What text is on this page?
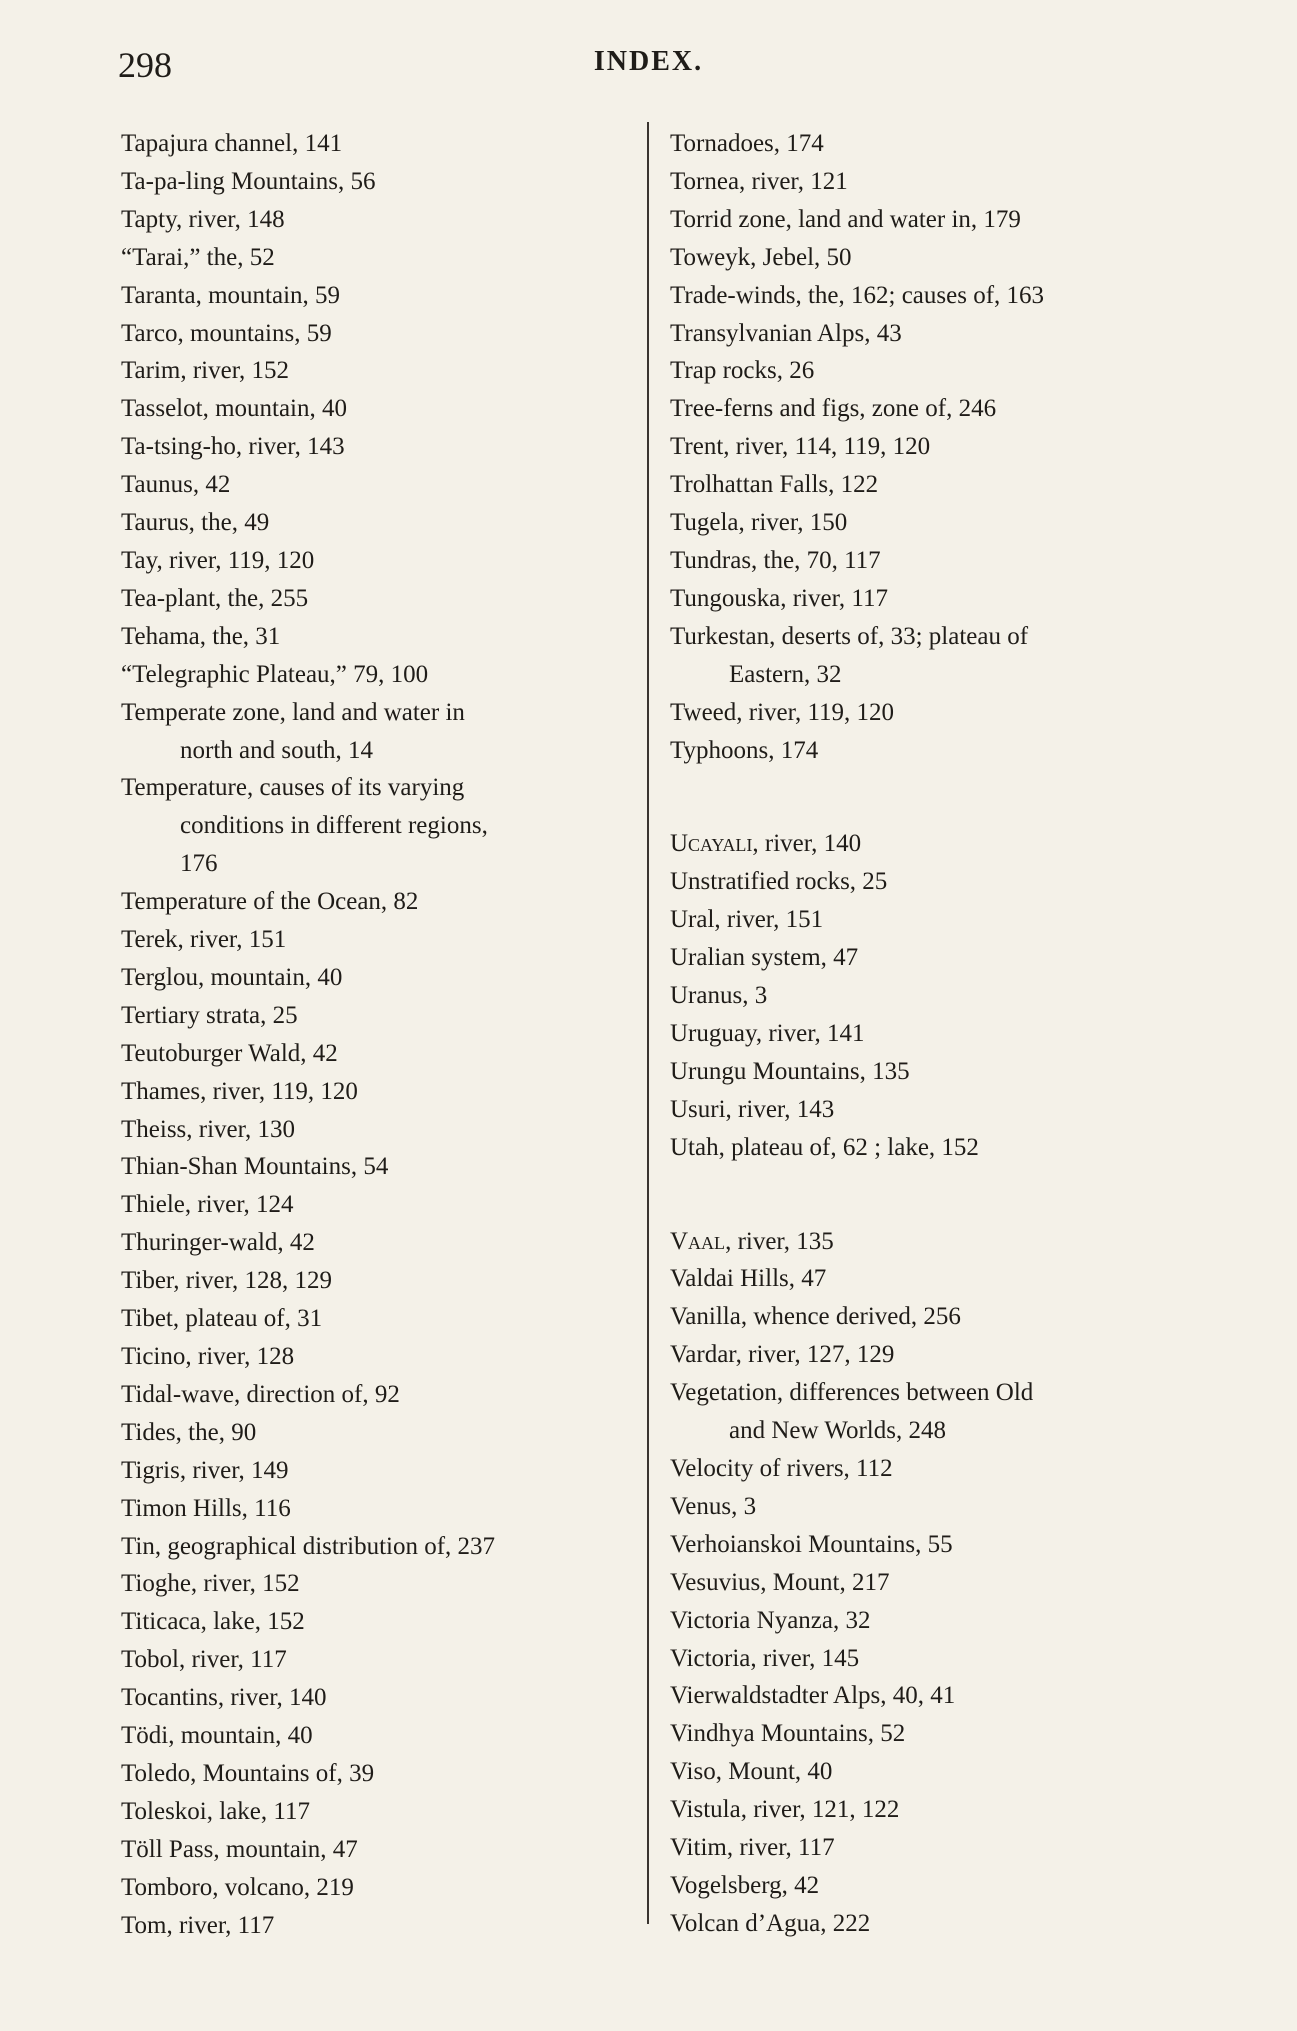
298	INDEX.
Tapajura channel, 141
Ta-pa-ling Mountains, 56
Tapty, river, 148
“Tarai,” the, 52
Taranta, mountain, 59
Tarco, mountains, 59
Tarim, river, 152
Tasselot, mountain, 40
Ta-tsing-ho, river, 143
Taunus, 42
Taurus, the, 49
Tay, river, 119, 120
Tea-plant, the, 255
Tehama, the, 31
“Telegraphic Plateau,” 79, 100
Temperate zone, land and water in
north and south, 14
Temperature, causes of its varying
conditions in different regions,
176
Temperature of the Ocean, 82
Terek, river, 151
Terglou, mountain, 40
Tertiary strata, 25
Teutoburger Wald, 42
Thames, river, 119, 120
Theiss, river, 130
Thian-Shan Mountains, 54
Thiele, river, 124
Thuringer-wald, 42
Tiber, river, 128, 129
Tibet, plateau of, 31
Ticino, river, 128
Tidal-wave, direction of, 92
Tides, the, 90
Tigris, river, 149
Timon Hills, 116
Tin, geographical distribution of, 237
Tioghe, river, 152
Titicaca, lake, 152
Tobol, river, 117
Tocantins, river, 140
Tödi, mountain, 40
Toledo, Mountains of, 39
Toleskoi, lake, 117
Töll Pass, mountain, 47
Tomboro, volcano, 219
Tom, river, 117
Tornadoes, 174
Tornea, river, 121
Torrid zone, land and water in, 179
Toweyk, Jebel, 50
Trade-winds, the, 162; causes of, 163
Transylvanian Alps, 43
Trap rocks, 26
Tree-ferns and figs, zone of, 246
Trent, river, 114, 119, 120
Trolhattan Falls, 122
Tugela, river, 150
Tundras, the, 70, 117
Tungouska, river, 117
Turkestan, deserts of, 33; plateau of
Eastern, 32
Tweed, river, 119, 120
Typhoons, 174
Ucayali, river, 140
Unstratified rocks, 25
Ural, river, 151
Uralian system, 47
Uranus, 3
Uruguay, river, 141
Urungu Mountains, 135
Usuri, river, 143
Utah, plateau of, 62 ; lake, 152
Vaal, river, 135
Valdai Hills, 47
Vanilla, whence derived, 256
Vardar, river, 127, 129
Vegetation, differences between Old
and New Worlds, 248
Velocity of rivers, 112
Venus, 3
Verhoianskoi Mountains, 55
Vesuvius, Mount, 217
Victoria Nyanza, 32
Victoria, river, 145
Vierwaldstadter Alps, 40, 41
Vindhya Mountains, 52
Viso, Mount, 40
Vistula, river, 121, 122
Vitim, river, 117
Vogelsberg, 42
Volcan d’Agua, 222
